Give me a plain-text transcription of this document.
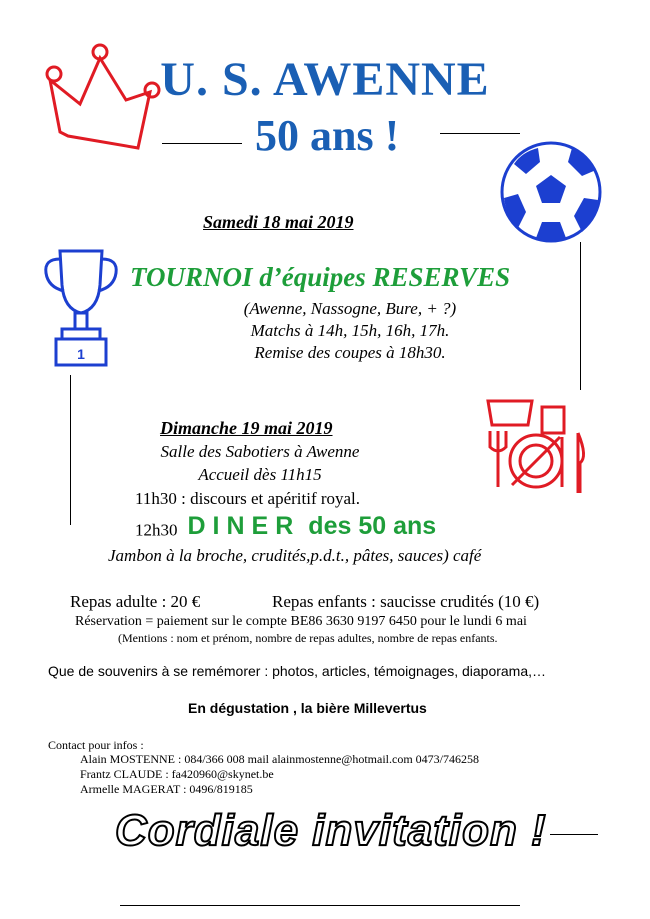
1
U. S. AWENNE
50 ans !
Samedi 18 mai 2019
TOURNOI d’équipes RESERVES
(Awenne, Nassogne, Bure, + ?)
Matchs à 14h, 15h, 16h, 17h.
Remise des coupes à 18h30.
Dimanche 19 mai 2019
Salle des Sabotiers à Awenne
Accueil dès 11h15
11h30 : discours et apéritif royal.
12h30 DINER des 50 ans
Jambon à la broche, crudités,p.d.t., pâtes, sauces) café
Repas adulte : 20 €	Repas enfants : saucisse crudités (10 €)
Réservation = paiement sur le compte BE86 3630 9197 6450 pour le lundi 6 mai
(Mentions : nom et prénom, nombre de repas adultes, nombre de repas enfants.
Que de souvenirs à se remémorer : photos, articles, témoignages, diaporama,…
En dégustation , la bière Millevertus
Contact pour infos :
Alain MOSTENNE : 084/366 008 mail alainmostenne@hotmail.com 0473/746258
Frantz CLAUDE : fa420960@skynet.be
Armelle MAGERAT : 0496/819185
Cordiale invitation !
